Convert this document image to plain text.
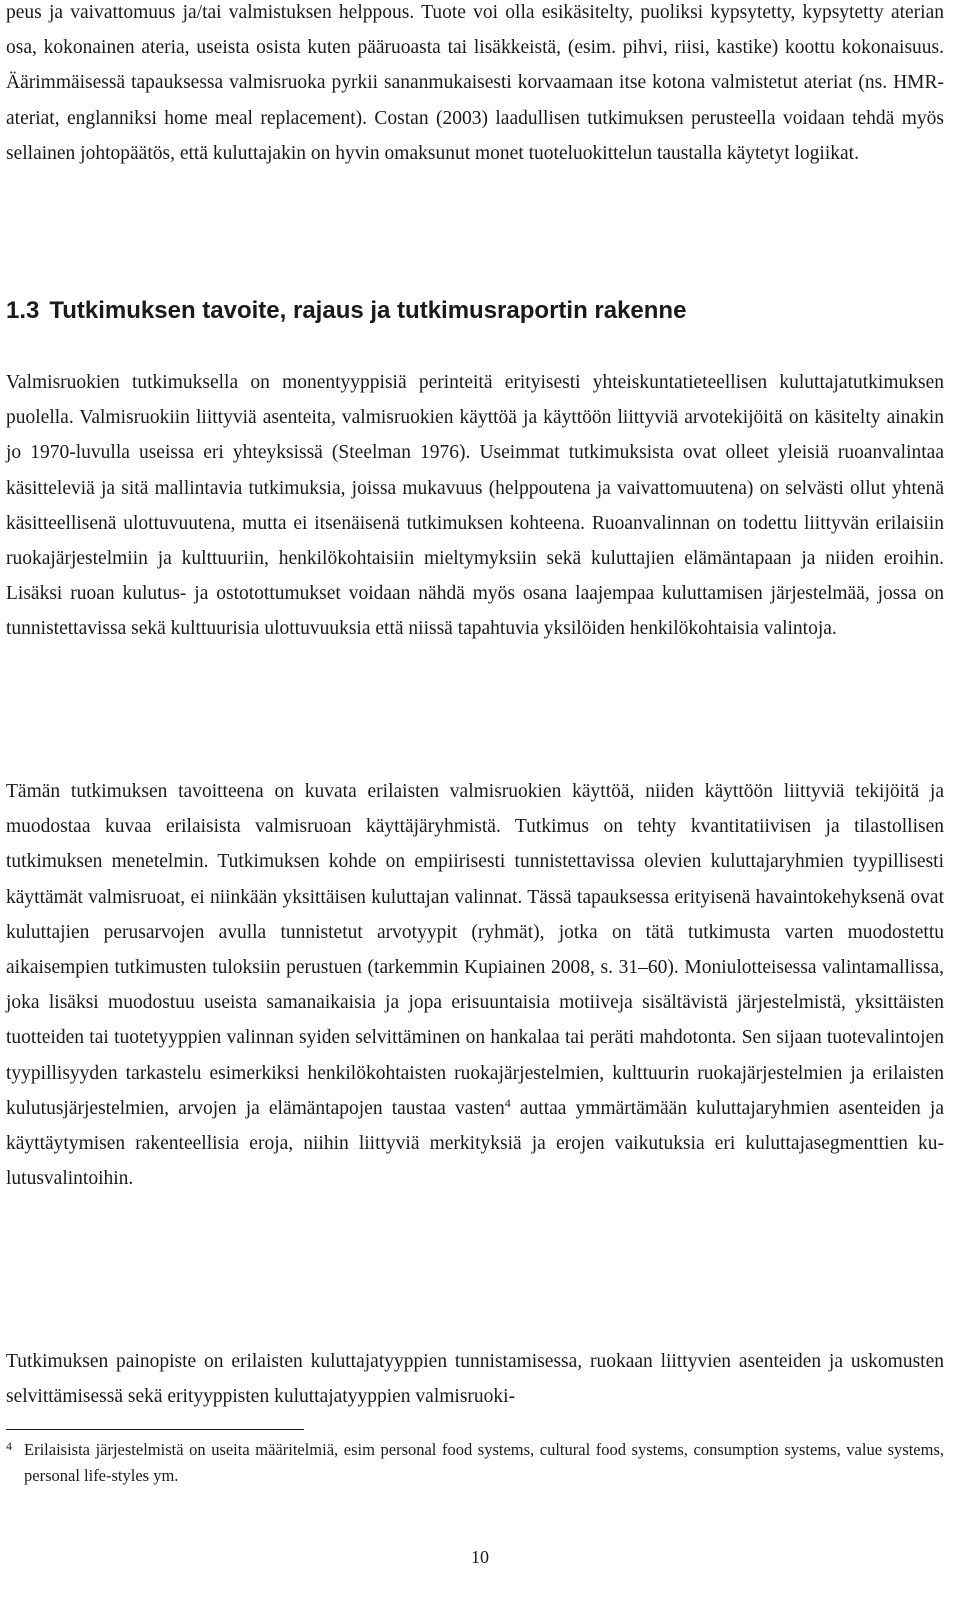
peus ja vaivattomuus ja/tai valmistuksen helppous. Tuote voi olla esikäsitelty, puoliksi kypsytetty, kypsytetty aterian osa, kokonainen ateria, useista osista kuten pääruoasta tai lisäkkeistä, (esim. pihvi, riisi, kastike) koottu kokonaisuus. Äärimmäisessä tapauksessa valmisruoka pyrkii sananmukaisesti korvaamaan itse kotona valmistetut ateriat (ns. HMR-ateriat, englanniksi home meal replacement). Costan (2003) laadullisen tutkimuksen perusteella voidaan tehdä myös sellainen johtopäätös, että kuluttajakin on hyvin omaksunut monet tuoteluokittelun taustalla käytetyt logiikat.

1.3 Tutkimuksen tavoite, rajaus ja tutkimusraportin rakenne

Valmisruokien tutkimuksella on monentyyppisiä perinteitä erityisesti yhteiskuntatieteellisen kuluttajatutkimuksen puolella. Valmisruokiin liittyviä asenteita, valmisruokien käyttöä ja käyttöön liittyviä arvotekijöitä on käsitelty ainakin jo 1970-luvulla useissa eri yhteyksissä (Steelman 1976). Useimmat tutkimuksista ovat olleet yleisiä ruoanvalintaa käsitteleviä ja sitä mallintavia tutkimuksia, joissa mukavuus (helppoutena ja vaivattomuutena) on selvästi ollut yhtenä käsitteellisenä ulottuvuutena, mutta ei itsenäisenä tutkimuksen kohteena. Ruoanvalinnan on todettu liittyvän erilaisiin ruokajärjestelmiin ja kulttuuriin, henkilökohtaisiin mieltymyksiin sekä kuluttajien elämäntapaan ja niiden eroihin. Lisäksi ruoan kulutus- ja ostotottumukset voidaan nähdä myös osana laajempaa kuluttamisen järjestelmää, jossa on tunnistettavissa sekä kulttuurisia ulottuvuuksia että niissä tapahtuvia yksilöiden henkilökohtaisia valintoja.

Tämän tutkimuksen tavoitteena on kuvata erilaisten valmisruokien käyttöä, niiden käyttöön liittyviä tekijöitä ja muodostaa kuvaa erilaisista valmisruoan käyttäjäryhmistä. Tutkimus on tehty kvantitatiivisen ja tilastollisen tutkimuksen menetelmin. Tutkimuksen kohde on empiirisesti tunnistettavissa olevien kuluttajaryhmien tyypillisesti käyttämät valmisruoat, ei niinkään yksittäisen kuluttajan valinnat. Tässä tapauksessa erityisenä havaintokehyksenä ovat kuluttajien perusarvojen avulla tunnistetut arvotyypit (ryhmät), jotka on tätä tutkimusta varten muodostettu aikaisempien tutkimusten tuloksiin perustuen (tarkemmin Kupiainen 2008, s. 31–60). Moniulotteisessa valintamallissa, joka lisäksi muodostuu useista samanaikaisia ja jopa erisuuntaisia motiiveja sisältävistä järjestelmistä, yksittäisten tuotteiden tai tuotetyyppien valinnan syiden selvittäminen on hankalaa tai peräti mahdotonta. Sen sijaan tuotevalintojen tyypillisyyden tarkastelu esimerkiksi henkilökohtaisten ruokajärjestelmien, kulttuurin ruokajärjestelmien ja erilaisten kulutusjärjestelmien, arvojen ja elämäntapojen taustaa vasten$^4$ auttaa ymmärtämään kuluttajaryhmien asenteiden ja käyttäytymisen rakenteellisia eroja, niihin liittyviä merkityksiä ja erojen vaikutuksia eri kuluttajasegmenttien kulutusvalintoihin.

Tutkimuksen painopiste on erilaisten kuluttajatyyppien tunnistamisessa, ruokaan liittyvien asenteiden ja uskomusten selvittämisessä sekä erityyppisten kuluttajatyyppien valmisruoki-

4 Erilaisista järjestelmistä on useita määritelmiä, esim personal food systems, cultural food systems, consumption systems, value systems, personal life-styles ym.

10
